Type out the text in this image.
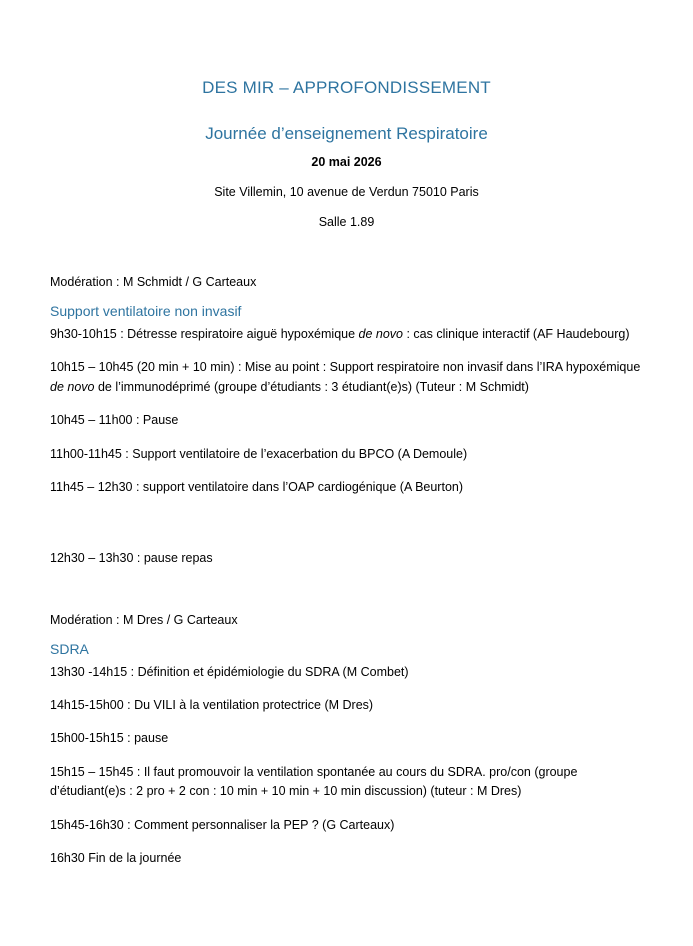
DES MIR – APPROFONDISSEMENT
Journée d’enseignement Respiratoire
20 mai 2026
Site Villemin, 10 avenue de Verdun 75010 Paris
Salle 1.89
Modération : M Schmidt / G Carteaux
Support ventilatoire non invasif

9h30-10h15 : Détresse respiratoire aiguë hypoxémique de novo : cas clinique interactif (AF Haudebourg)

10h15 – 10h45 (20 min + 10 min) : Mise au point : Support respiratoire non invasif dans l’IRA hypoxémique de novo de l’immunodéprimé (groupe d’étudiants : 3 étudiant(e)s) (Tuteur : M Schmidt)

10h45 – 11h00 : Pause

11h00-11h45 : Support ventilatoire de l’exacerbation du BPCO (A Demoule)

11h45 – 12h30 : support ventilatoire dans l’OAP cardiogénique (A Beurton)

12h30 – 13h30 : pause repas

Modération : M Dres / G Carteaux
SDRA

13h30 -14h15 : Définition et épidémiologie du SDRA (M Combet)

14h15-15h00 : Du VILI à la ventilation protectrice (M Dres)

15h00-15h15 : pause

15h15 – 15h45 : Il faut promouvoir la ventilation spontanée au cours du SDRA. pro/con (groupe d’étudiant(e)s : 2 pro + 2 con : 10 min + 10 min + 10 min discussion) (tuteur : M Dres)

15h45-16h30 : Comment personnaliser la PEP ? (G Carteaux)

16h30 Fin de la journée
